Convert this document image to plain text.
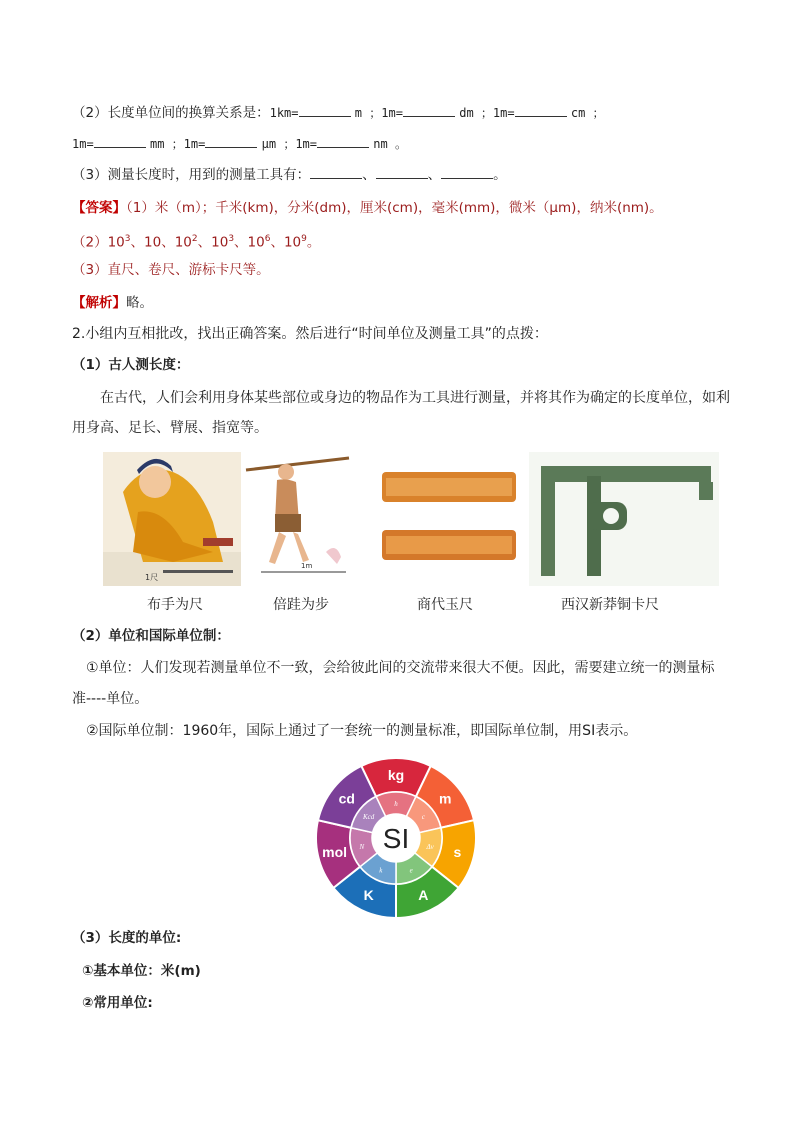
（2）长度单位间的换算关系是：1km=	m ；1m=	dm ；1m=	cm ；
1m=	mm ；1m=	μm ；1m=	nm 。
（3）测量长度时，用到的测量工具有：	、	、	。
【答案】（1）米（m）；千米(km)，分米(dm)，厘米(cm)，毫米(mm)，微米（μm)，纳米(nm)。
$(2)10^3$、10、$10^2$、$10^3$、$10^6$、$10^9$。
（3）直尺、卷尺、游标卡尺等。
【解析】略。
2.小组内互相批改，找出正确答案。然后进行“时间单位及测量工具”的点拨：
（1）古人测长度：
在古代，人们会利用身体某些部位或身边的物品作为工具进行测量，并将其作为确定的长度单位，如利用身高、足长、臂展、指宽等。
1尺
1m
布手为尺	倍跬为步	商代玉尺	西汉新莽铜卡尺
（2）单位和国际单位制：
①单位：人们发现若测量单位不一致，会给彼此间的交流带来很大不便。因此，需要建立统一的测量标准----单位。
②国际单位制：1960年，国际上通过了一套统一的测量标准，即国际单位制，用SI表示。
kg
h	m
c
s
Δν
A
e
K
k
mol N
cd
Kcd
SI
（3）长度的单位:
①基本单位：米(m)
②常用单位:
